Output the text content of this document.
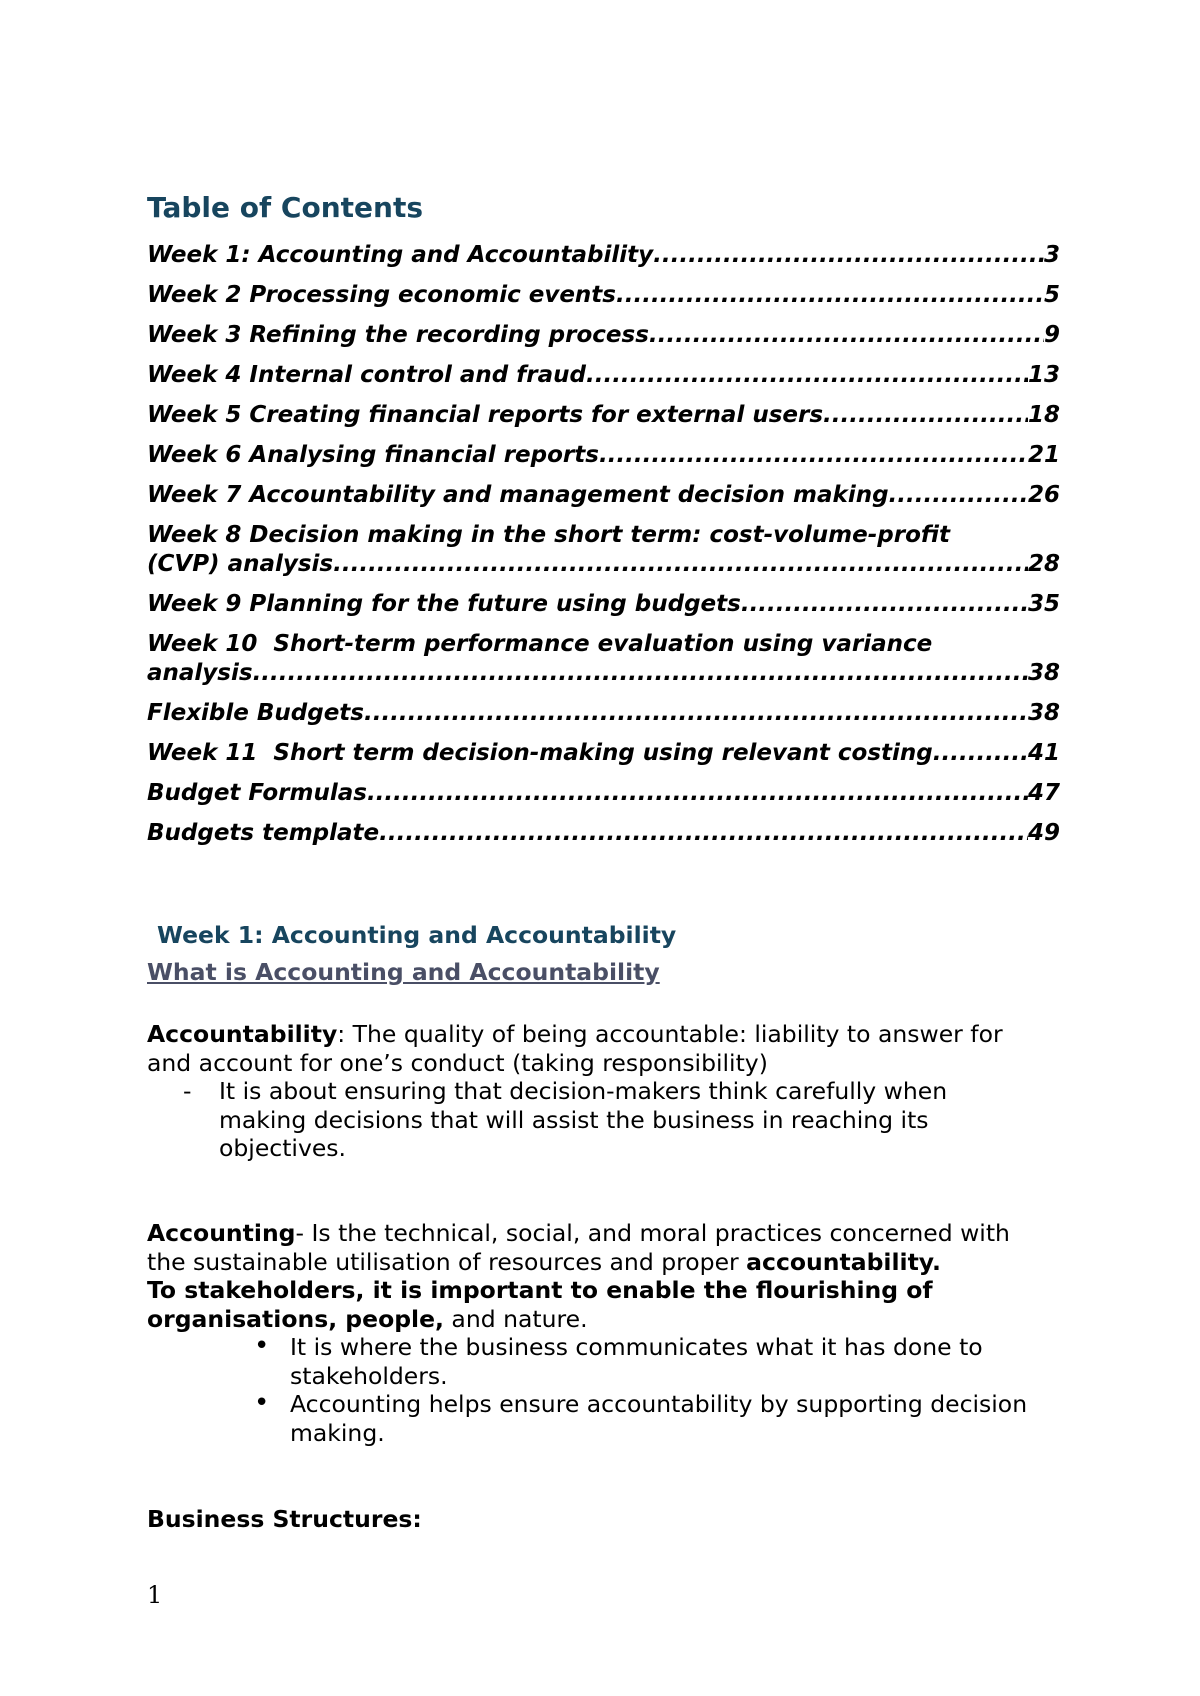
Table of Contents
Week 1: Accounting and Accountability .....	3
Week 2 Processing economic events .....	5
Week 3 Refining the recording process .....	9
Week 4 Internal control and fraud .....	13
Week 5 Creating financial reports for external users .....	18
Week 6 Analysing financial reports .....	21
Week 7 Accountability and management decision making .....	26
Week 8 Decision making in the short term: cost-volume-profit
(CVP) analysis .....	28
Week 9 Planning for the future using budgets .....	35
Week 10  Short-term performance evaluation using variance
analysis .....	38
Flexible Budgets .....	38
Week 11  Short term decision-making using relevant costing .....	41
Budget Formulas .....	47
Budgets template .....	49
Week 1: Accounting and Accountability
What is Accounting and Accountability

Accountability: The quality of being accountable: liability to answer for

and account for one’s conduct (taking responsibility)

- It is about ensuring that decision-makers think carefully when
making decisions that will assist the business in reaching its
objectives.

Accounting- Is the technical, social, and moral practices concerned with

the sustainable utilisation of resources and proper accountability.

To stakeholders, it is important to enable the flourishing of

organisations, people, and nature.

• It is where the business communicates what it has done to
stakeholders.
• Accounting helps ensure accountability by supporting decision
making.

Business Structures:

1
